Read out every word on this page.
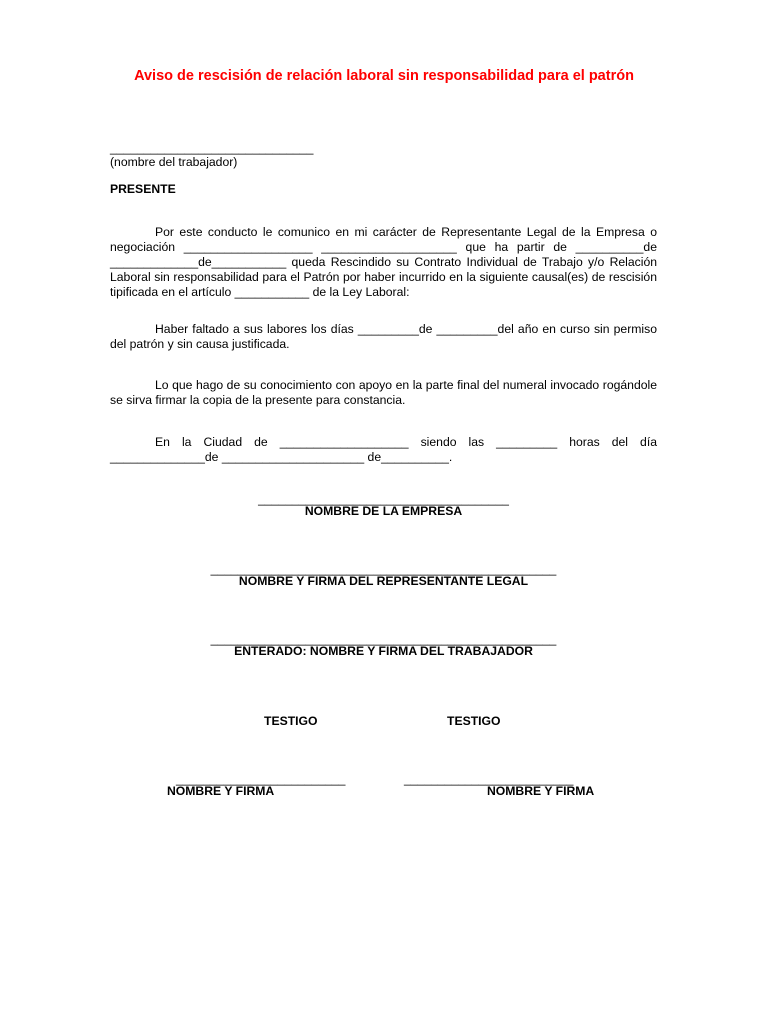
Aviso de rescisión de relación laboral sin responsabilidad para el patrón
______________________________
(nombre del trabajador)
PRESENTE
Por este conducto le comunico en mi carácter de Representante Legal de la Empresa o negociación ___________________ ____________________ que ha partir de __________de _____________de___________ queda Rescindido su Contrato Individual de Trabajo y/o Relación Laboral sin responsabilidad para el Patrón por haber incurrido en la siguiente causal(es) de rescisión tipificada en el artículo ___________ de la Ley Laboral:
Haber faltado a sus labores los días _________de _________del año en curso sin permiso del patrón y sin causa justificada.
Lo que hago de su conocimiento con apoyo en la parte final del numeral invocado rogándole se sirva firmar la copia de la presente para constancia.
En la Ciudad de ___________________ siendo las _________ horas del día ______________de _____________________ de__________.
_____________________________________
NOMBRE DE LA EMPRESA
___________________________________________________
NOMBRE Y FIRMA DEL REPRESENTANTE LEGAL
___________________________________________________
ENTERADO: NOMBRE Y FIRMA DEL TRABAJADOR
TESTIGO	TESTIGO
_________________________	_________________________
NOMBRE Y FIRMA	NOMBRE Y FIRMA
